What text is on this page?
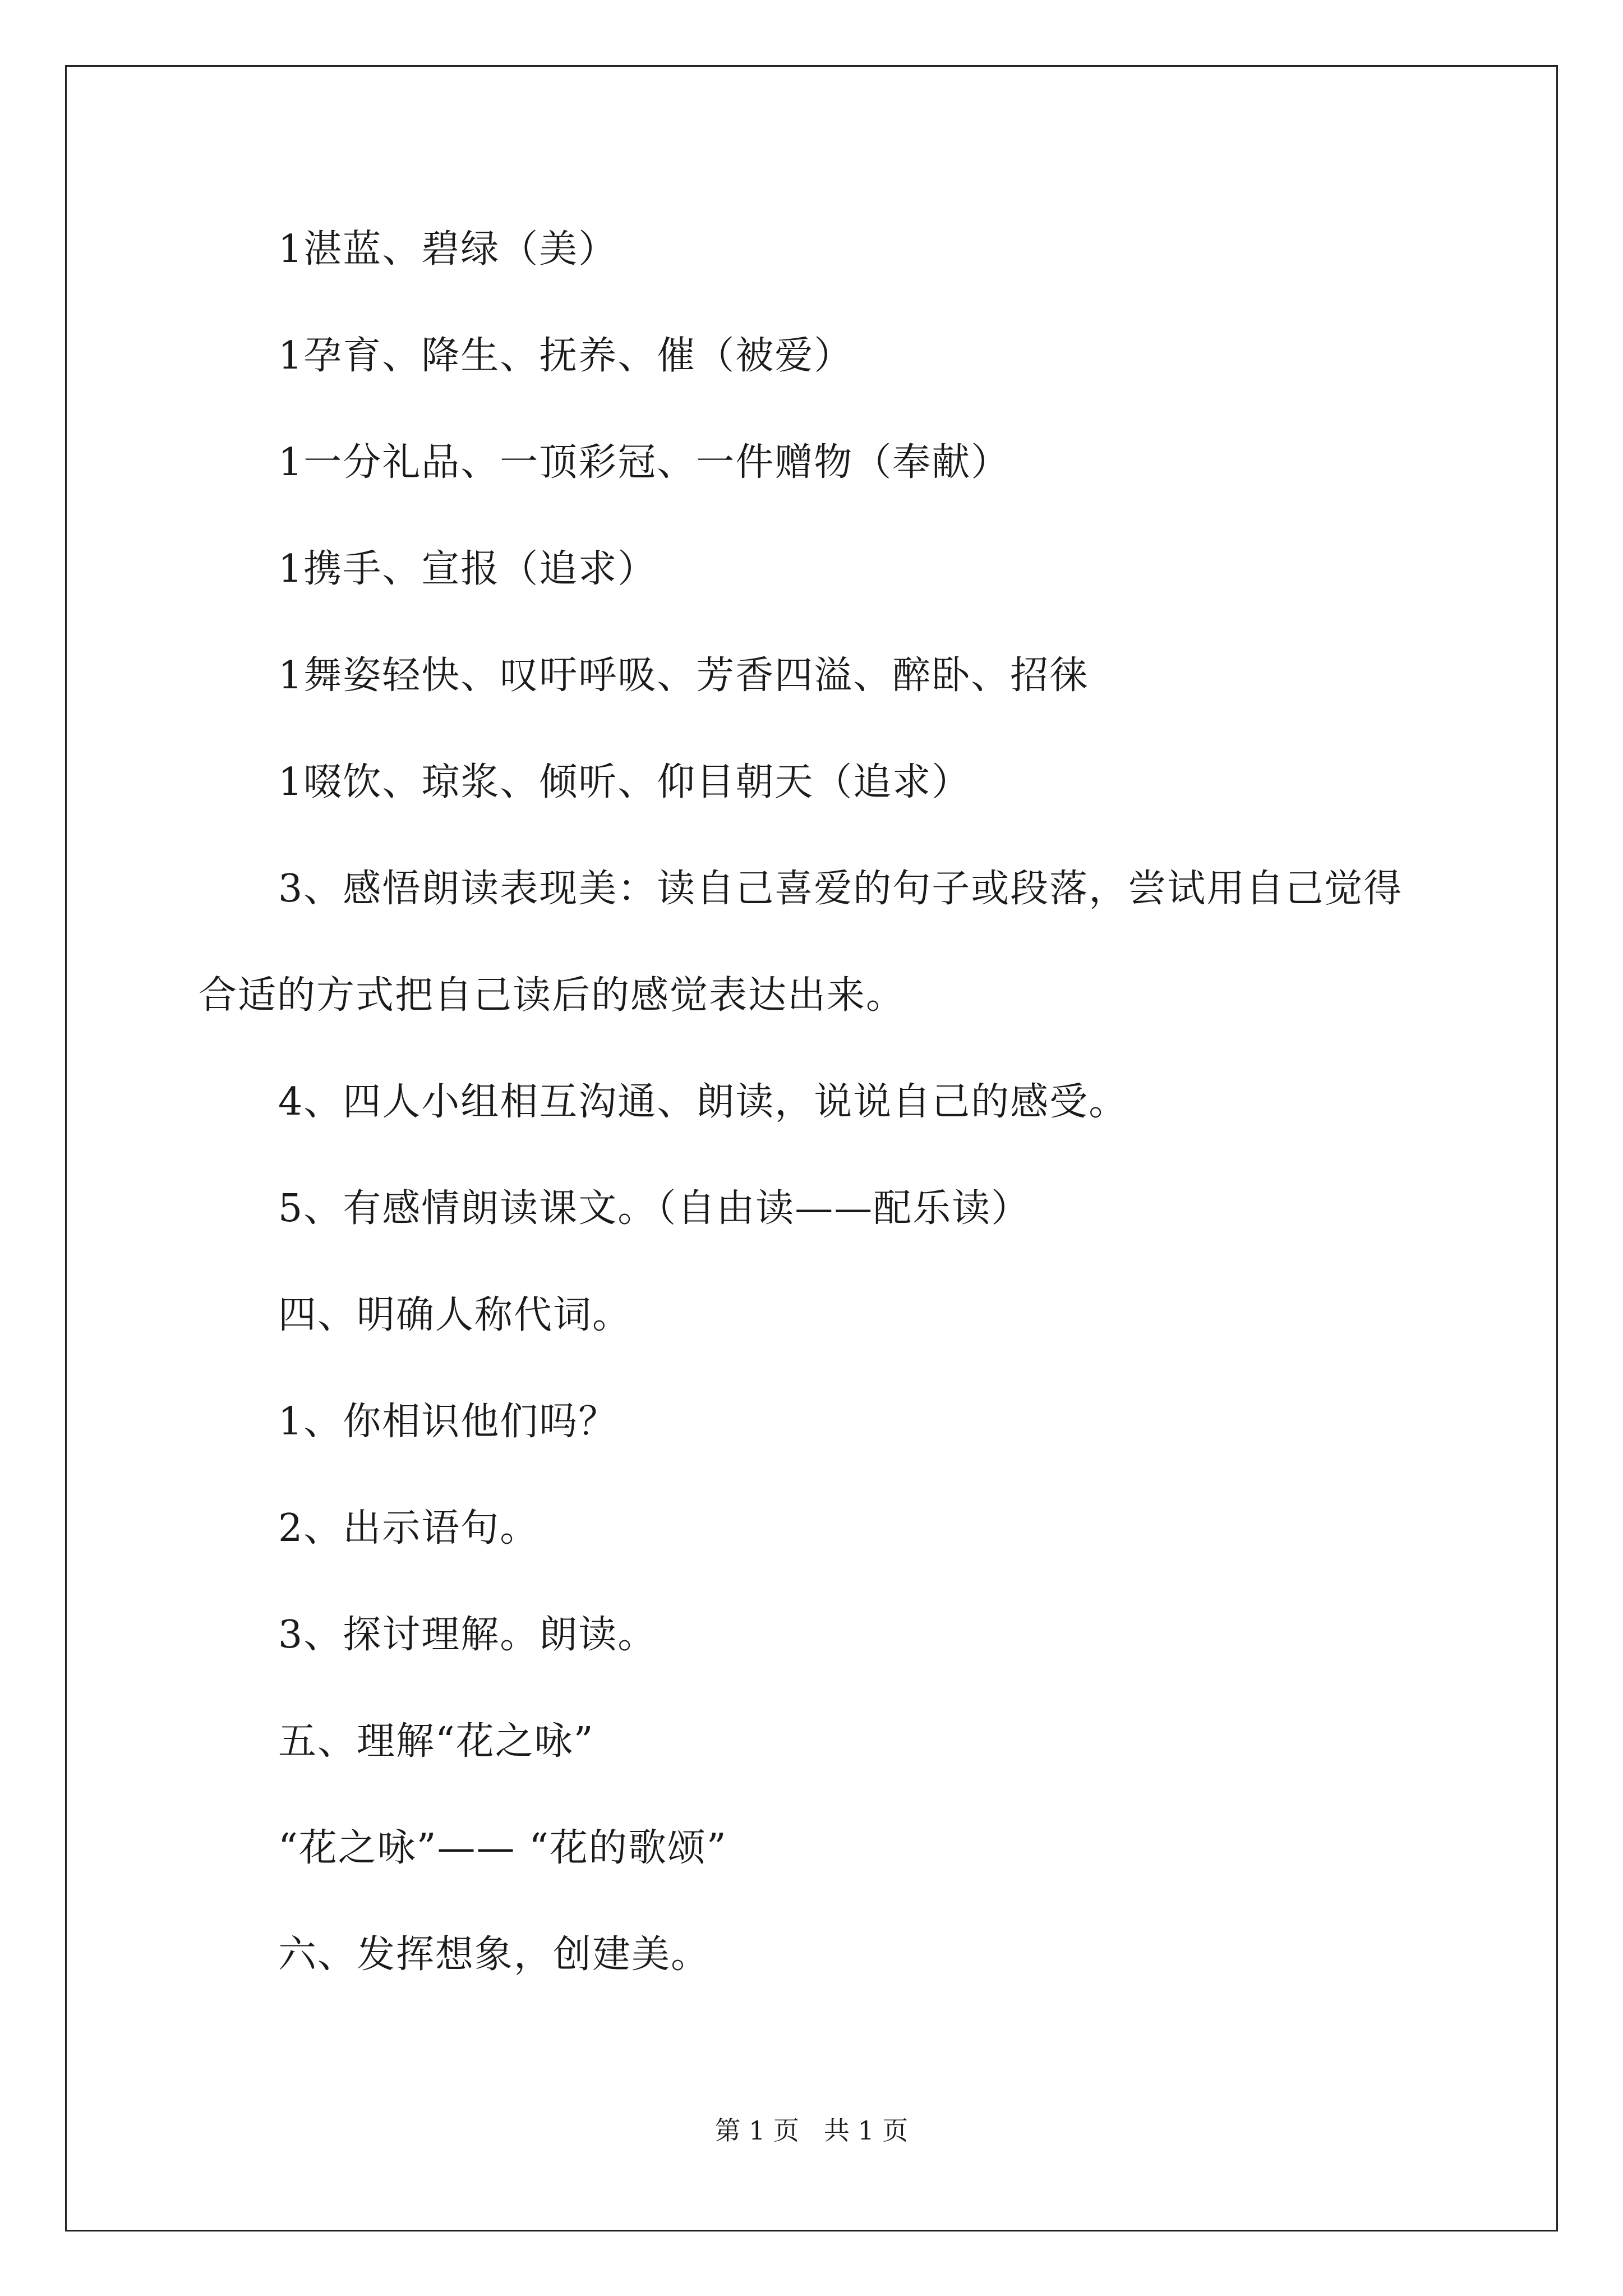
1湛蓝、碧绿（美）
1孕育、降生、抚养、催（被爱）
1一分礼品、一顶彩冠、一件赠物（奉献）
1携手、宣报（追求）
1舞姿轻快、叹吁呼吸、芳香四溢、醉卧、招徕
1啜饮、琼浆、倾听、仰目朝天（追求）
3、感悟朗读表现美：读自己喜爱的句子或段落，尝试用自己觉得
合适的方式把自己读后的感觉表达出来。
4、四人小组相互沟通、朗读，说说自己的感受。
5、有感情朗读课文。（自由读——配乐读）
四、明确人称代词。
1、你相识他们吗？
2、出示语句。
3、探讨理解。朗读。
五、理解“花之咏”
“花之咏”—— “花的歌颂”
六、发挥想象，创建美。
第 1 页   共 1 页
